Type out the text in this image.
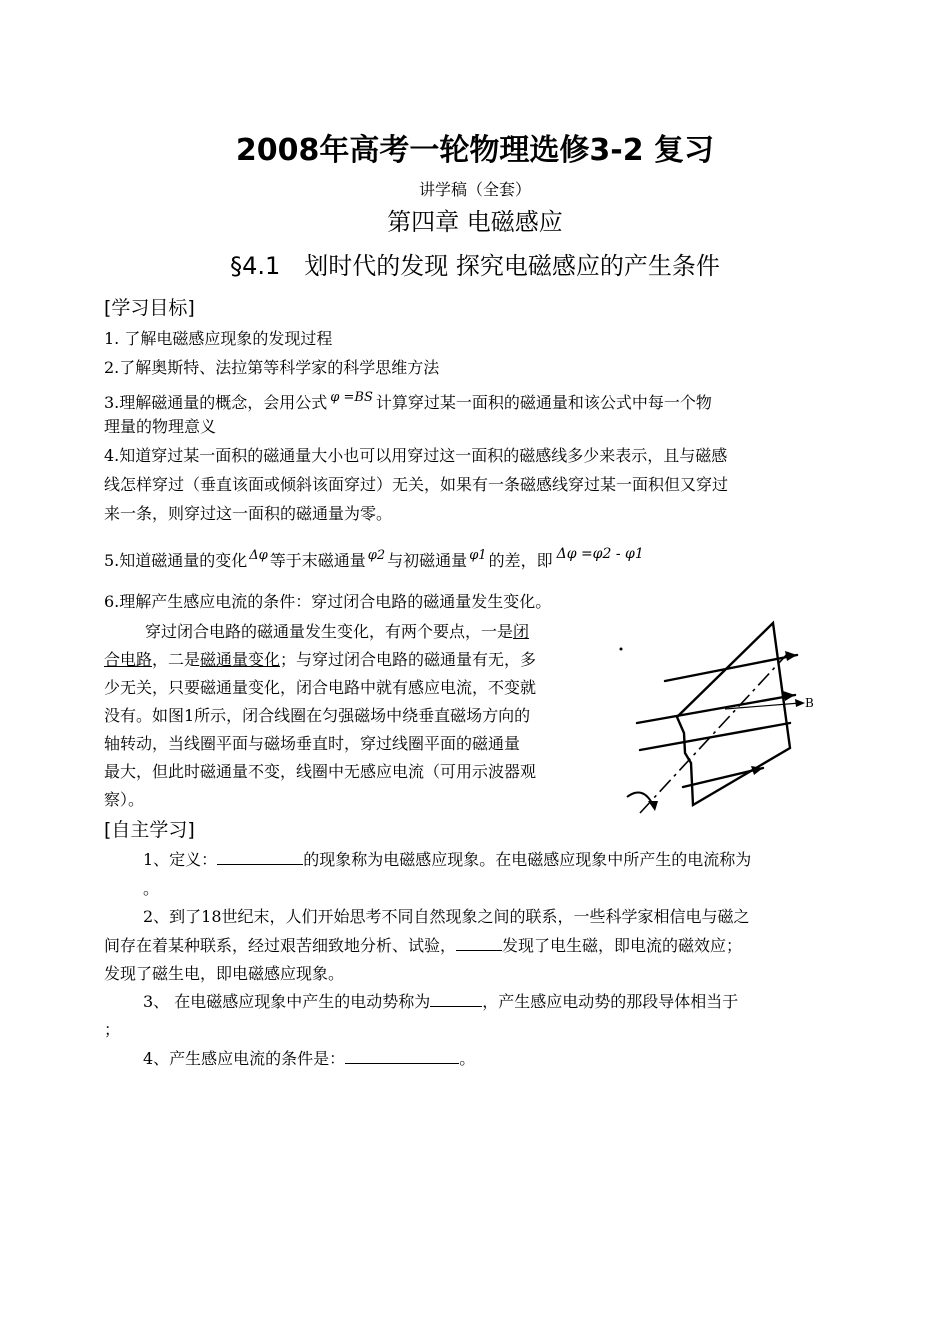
2008年高考一轮物理选修3-2 复习
讲学稿（全套）
第四章 电磁感应
§4.1　划时代的发现 探究电磁感应的产生条件
[学习目标]
1. 了解电磁感应现象的发现过程
2.了解奥斯特、法拉第等科学家的科学思维方法
3.理解磁通量的概念，会用公式 $^{\varphi =BS}$ 计算穿过某一面积的磁通量和该公式中每一个物
理量的物理意义
4.知道穿过某一面积的磁通量大小也可以用穿过这一面积的磁感线多少来表示，且与磁感
线怎样穿过（垂直该面或倾斜该面穿过）无关，如果有一条磁感线穿过某一面积但又穿过
来一条，则穿过这一面积的磁通量为零。
5.知道磁通量的变化 $^{\Delta\varphi}$ 等于末磁通量 $^{\varphi 2}$ 与初磁通量 $^{\varphi 1}$ 的差，即 Δφ =φ2 - φ1
6.理解产生感应电流的条件：穿过闭合电路的磁通量发生变化。
穿过闭合电路的磁通量发生变化，有两个要点，一是闭
合电路，二是磁通量变化；与穿过闭合电路的磁通量有无，多
少无关，只要磁通量变化，闭合电路中就有感应电流，不变就
没有。如图1所示，闭合线圈在匀强磁场中绕垂直磁场方向的
轴转动，当线圈平面与磁场垂直时，穿过线圈平面的磁通量
最大，但此时磁通量不变，线圈中无感应电流（可用示波器观
察）。
B
[自主学习]
1、定义：	的现象称为电磁感应现象。在电磁感应现象中所产生的电流称为
。
2、到了18世纪末，人们开始思考不同自然现象之间的联系，一些科学家相信电与磁之
间存在着某种联系，经过艰苦细致地分析、试验，	发现了电生磁，即电流的磁效应；
发现了磁生电，即电磁感应现象。
3、 在电磁感应现象中产生的电动势称为	，产生感应电动势的那段导体相当于
；
4、产生感应电流的条件是：	。
